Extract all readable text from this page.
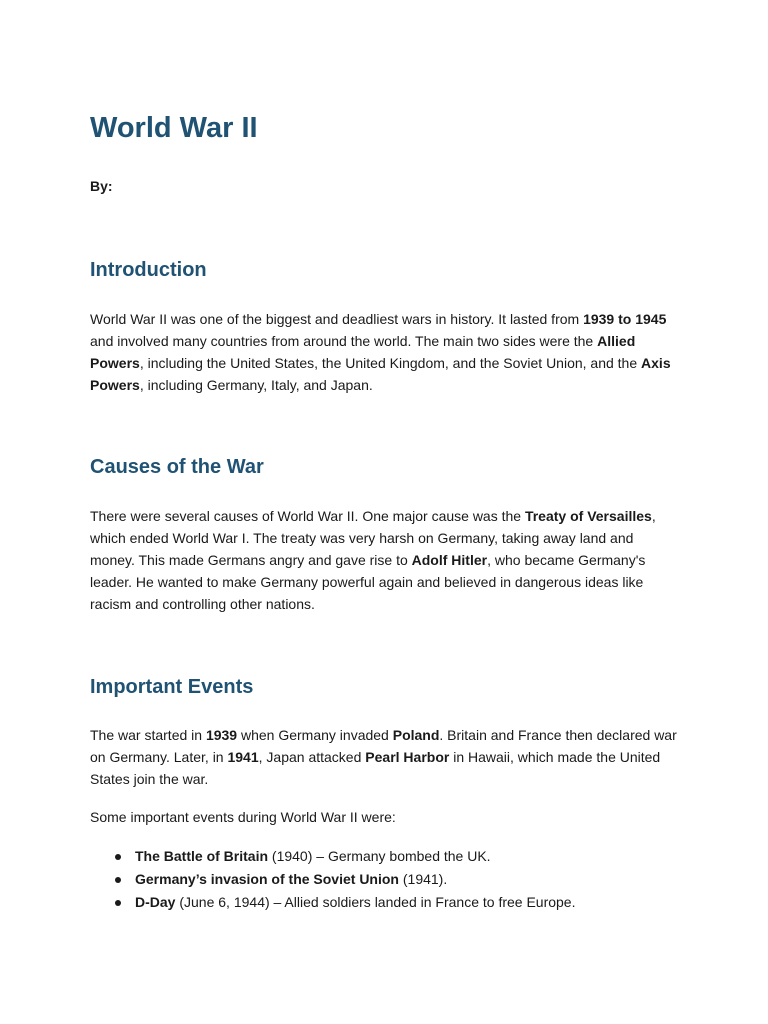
World War II

By:

Introduction

World War II was one of the biggest and deadliest wars in history. It lasted from 1939 to 1945 and involved many countries from around the world. The main two sides were the Allied Powers, including the United States, the United Kingdom, and the Soviet Union, and the Axis Powers, including Germany, Italy, and Japan.

Causes of the War

There were several causes of World War II. One major cause was the Treaty of Versailles, which ended World War I. The treaty was very harsh on Germany, taking away land and money. This made Germans angry and gave rise to Adolf Hitler, who became Germany's leader. He wanted to make Germany powerful again and believed in dangerous ideas like racism and controlling other nations.

Important Events

The war started in 1939 when Germany invaded Poland. Britain and France then declared war on Germany. Later, in 1941, Japan attacked Pearl Harbor in Hawaii, which made the United States join the war.

Some important events during World War II were:

The Battle of Britain (1940) – Germany bombed the UK.
Germany’s invasion of the Soviet Union (1941).
D-Day (June 6, 1944) – Allied soldiers landed in France to free Europe.
